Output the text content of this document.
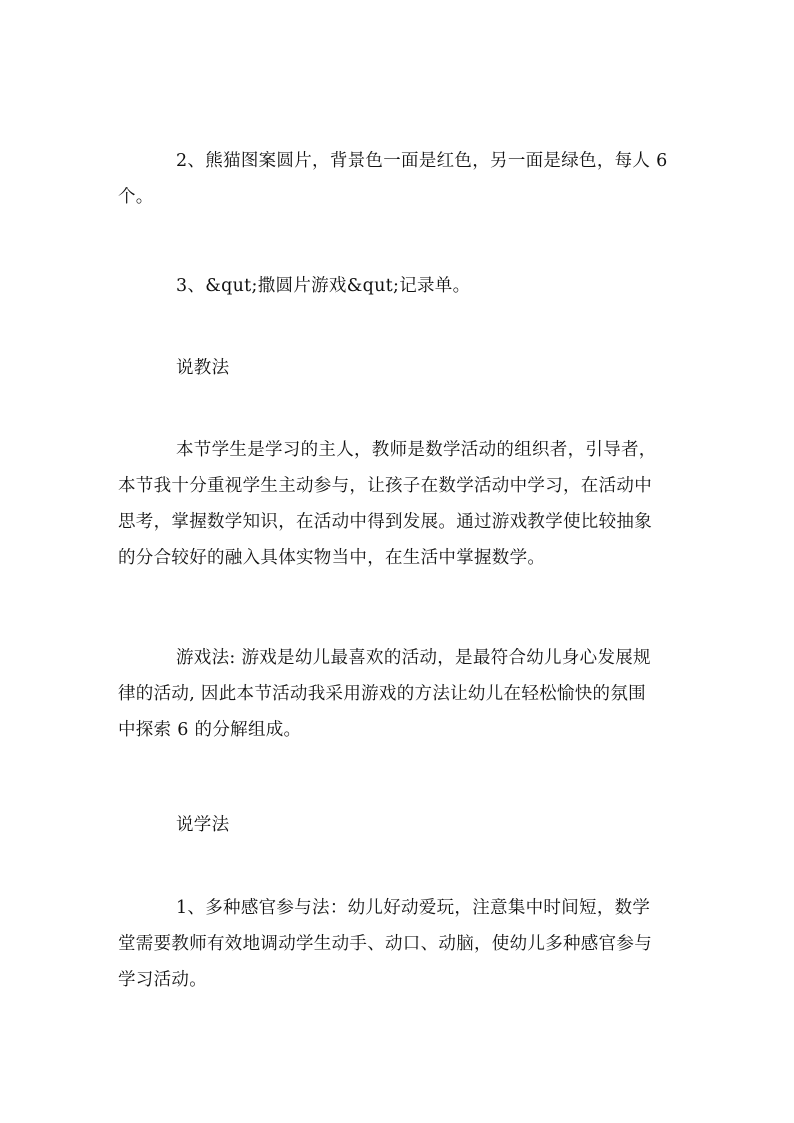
2、熊猫图案圆片，背景色一面是红色，另一面是绿色，每人 6
个。
3、&qut;撒圆片游戏&qut;记录单。
说教法
本节学生是学习的主人，教师是数学活动的组织者，引导者，
本节我十分重视学生主动参与，让孩子在数学活动中学习，在活动中
思考，掌握数学知识，在活动中得到发展。通过游戏教学使比较抽象
的分合较好的融入具体实物当中，在生活中掌握数学。
游戏法: 游戏是幼儿最喜欢的活动，是最符合幼儿身心发展规
律的活动, 因此本节活动我采用游戏的方法让幼儿在轻松愉快的氛围
中探索 6 的分解组成。
说学法
1、多种感官参与法：幼儿好动爱玩，注意集中时间短，数学
堂需要教师有效地调动学生动手、动口、动脑，使幼儿多种感官参与
学习活动。
